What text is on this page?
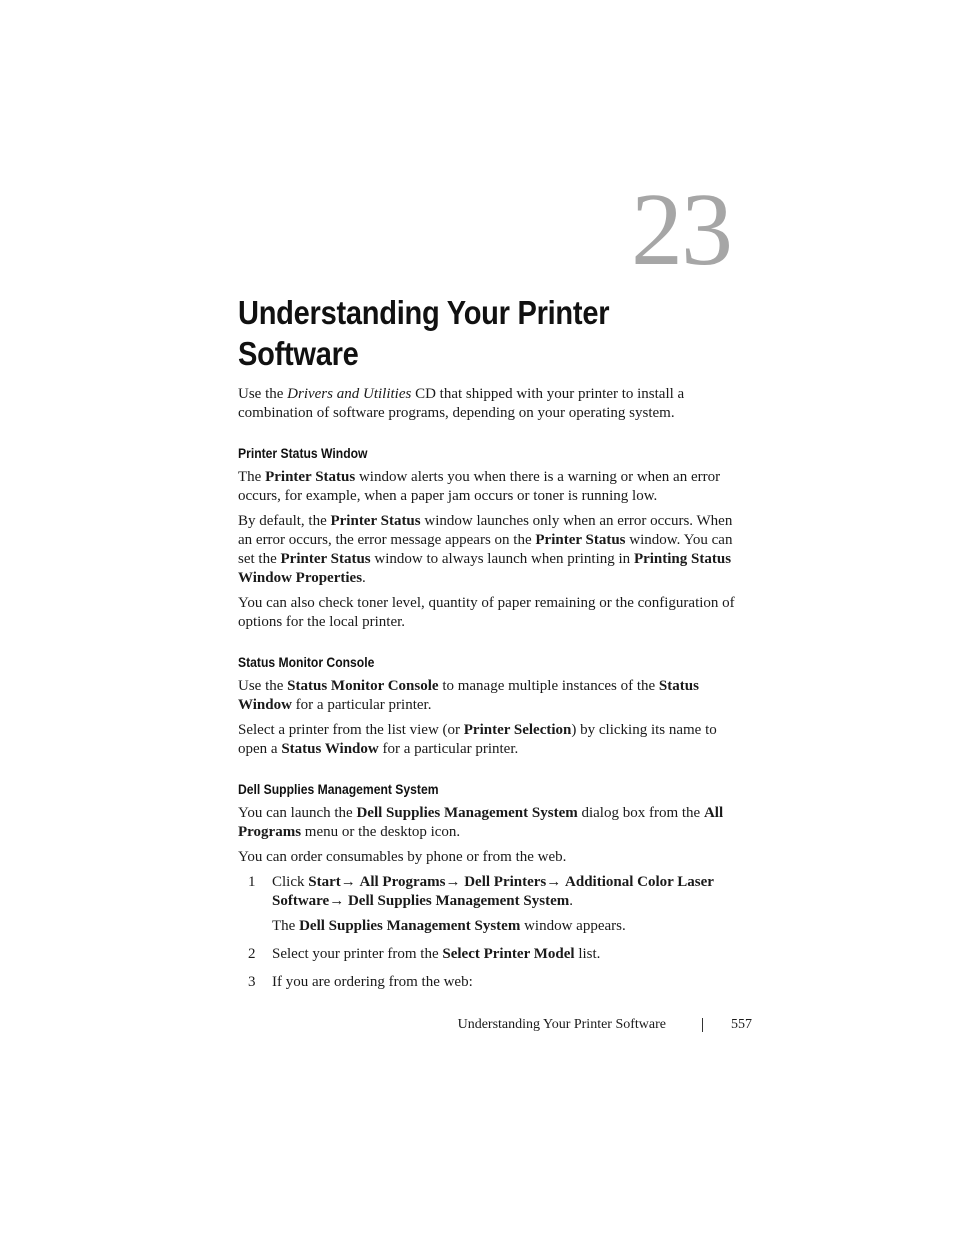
23
Understanding Your Printer Software

Use the Drivers and Utilities CD that shipped with your printer to install a combination of software programs, depending on your operating system.

Printer Status Window

The Printer Status window alerts you when there is a warning or when an error occurs, for example, when a paper jam occurs or toner is running low.

By default, the Printer Status window launches only when an error occurs. When an error occurs, the error message appears on the Printer Status window. You can set the Printer Status window to always launch when printing in Printing Status Window Properties.

You can also check toner level, quantity of paper remaining or the configuration of options for the local printer.

Status Monitor Console

Use the Status Monitor Console to manage multiple instances of the Status Window for a particular printer.

Select a printer from the list view (or Printer Selection) by clicking its name to open a Status Window for a particular printer.

Dell Supplies Management System

You can launch the Dell Supplies Management System dialog box from the All Programs menu or the desktop icon.

You can order consumables by phone or from the web.

1 Click Start→ All Programs→ Dell Printers→ Additional Color Laser Software→ Dell Supplies Management System.
The Dell Supplies Management System window appears.
2 Select your printer from the Select Printer Model list.
3 If you are ordering from the web:
Understanding Your Printer Software	557
